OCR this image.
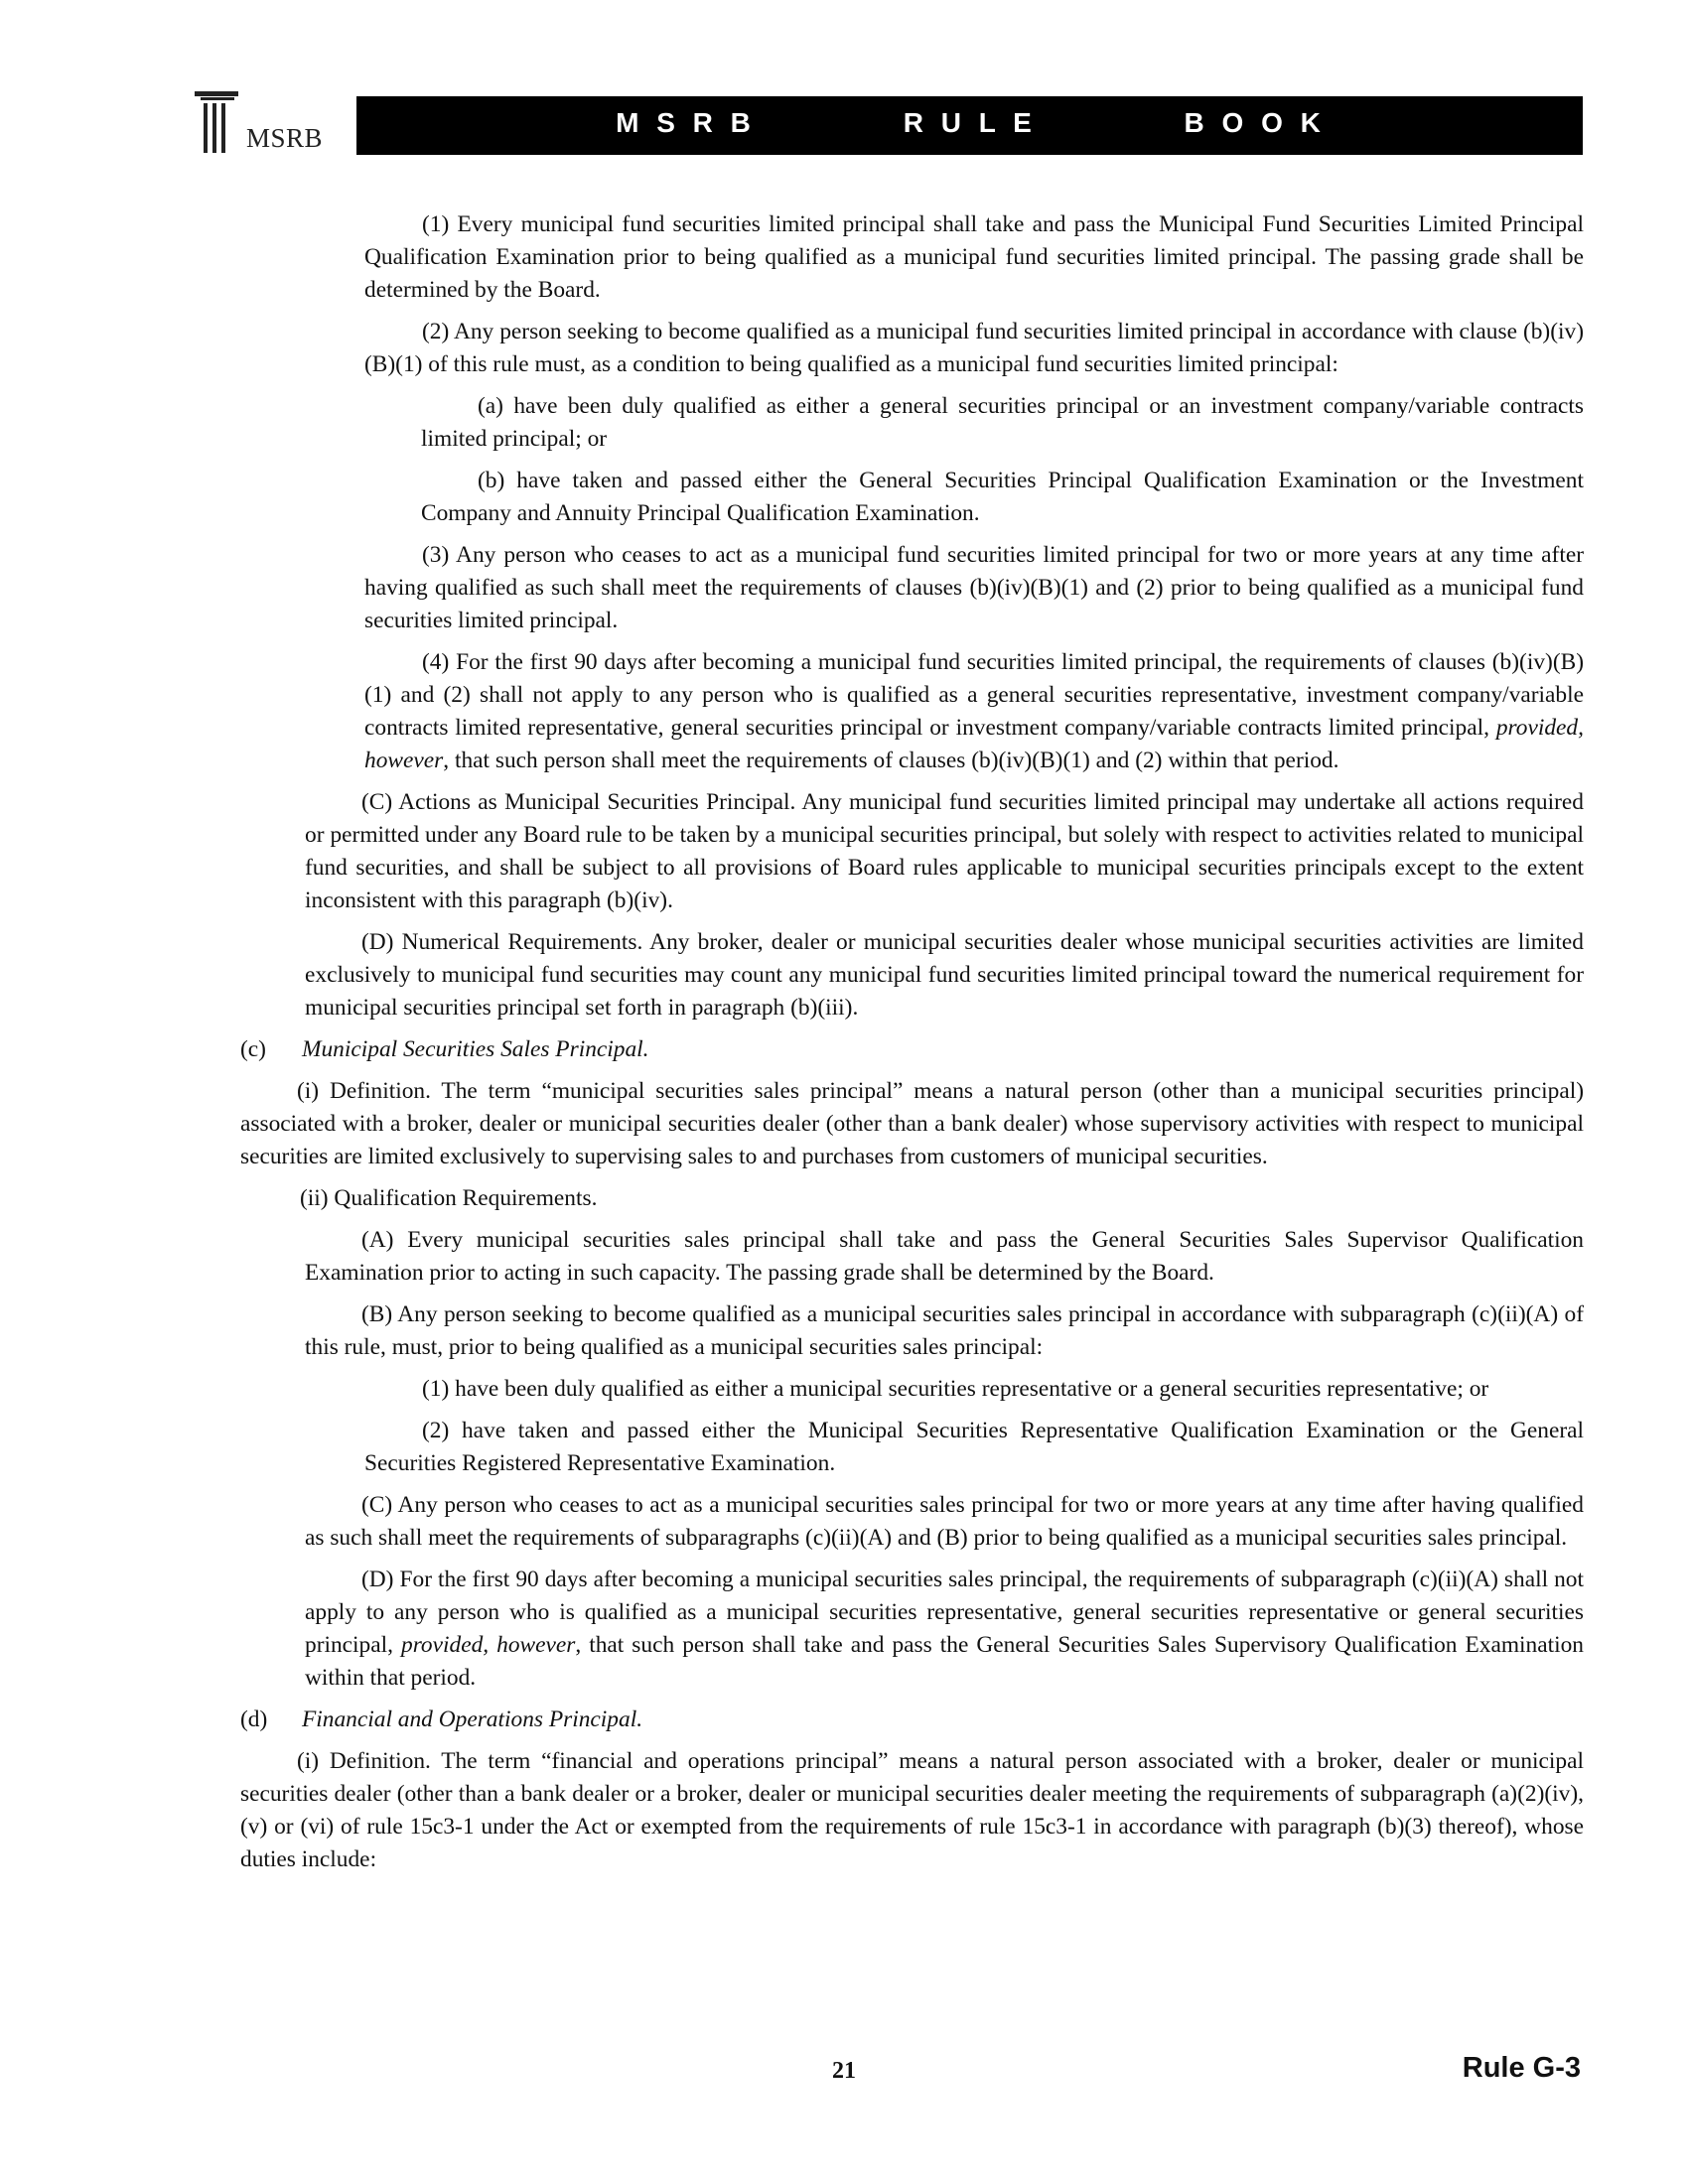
MSRB	M S R B	R U L E	B O O K

(1) Every municipal fund securities limited principal shall take and pass the Municipal Fund Securities Limited Principal Qualification Examination prior to being qualified as a municipal fund securities limited principal. The passing grade shall be determined by the Board.

(2) Any person seeking to become qualified as a municipal fund securities limited principal in accordance with clause (b)(iv)(B)(1) of this rule must, as a condition to being qualified as a municipal fund securities limited principal:

(a) have been duly qualified as either a general securities principal or an investment company/variable contracts limited principal; or

(b) have taken and passed either the General Securities Principal Qualification Examination or the Investment Company and Annuity Principal Qualification Examination.

(3) Any person who ceases to act as a municipal fund securities limited principal for two or more years at any time after having qualified as such shall meet the requirements of clauses (b)(iv)(B)(1) and (2) prior to being qualified as a municipal fund securities limited principal.

(4) For the first 90 days after becoming a municipal fund securities limited principal, the requirements of clauses (b)(iv)(B)(1) and (2) shall not apply to any person who is qualified as a general securities representative, investment company/variable contracts limited representative, general securities principal or investment company/variable contracts limited principal, provided, however, that such person shall meet the requirements of clauses (b)(iv)(B)(1) and (2) within that period.

(C) Actions as Municipal Securities Principal. Any municipal fund securities limited principal may undertake all actions required or permitted under any Board rule to be taken by a municipal securities principal, but solely with respect to activities related to municipal fund securities, and shall be subject to all provisions of Board rules applicable to municipal securities principals except to the extent inconsistent with this paragraph (b)(iv).

(D) Numerical Requirements. Any broker, dealer or municipal securities dealer whose municipal securities activities are limited exclusively to municipal fund securities may count any municipal fund securities limited principal toward the numerical requirement for municipal securities principal set forth in paragraph (b)(iii).

(c) Municipal Securities Sales Principal.

(i) Definition. The term “municipal securities sales principal” means a natural person (other than a municipal securities principal) associated with a broker, dealer or municipal securities dealer (other than a bank dealer) whose supervisory activities with respect to municipal securities are limited exclusively to supervising sales to and purchases from customers of municipal securities.

(ii) Qualification Requirements.

(A) Every municipal securities sales principal shall take and pass the General Securities Sales Supervisor Qualification Examination prior to acting in such capacity. The passing grade shall be determined by the Board.

(B) Any person seeking to become qualified as a municipal securities sales principal in accordance with subparagraph (c)(ii)(A) of this rule, must, prior to being qualified as a municipal securities sales principal:

(1) have been duly qualified as either a municipal securities representative or a general securities representative; or

(2) have taken and passed either the Municipal Securities Representative Qualification Examination or the General Securities Registered Representative Examination.

(C) Any person who ceases to act as a municipal securities sales principal for two or more years at any time after having qualified as such shall meet the requirements of subparagraphs (c)(ii)(A) and (B) prior to being qualified as a municipal securities sales principal.

(D) For the first 90 days after becoming a municipal securities sales principal, the requirements of subparagraph (c)(ii)(A) shall not apply to any person who is qualified as a municipal securities representative, general securities representative or general securities principal, provided, however, that such person shall take and pass the General Securities Sales Supervisory Qualification Examination within that period.

(d) Financial and Operations Principal.

(i) Definition. The term “financial and operations principal” means a natural person associated with a broker, dealer or municipal securities dealer (other than a bank dealer or a broker, dealer or municipal securities dealer meeting the requirements of subparagraph (a)(2)(iv), (v) or (vi) of rule 15c3-1 under the Act or exempted from the requirements of rule 15c3-1 in accordance with paragraph (b)(3) thereof), whose duties include:

21	Rule G-3
